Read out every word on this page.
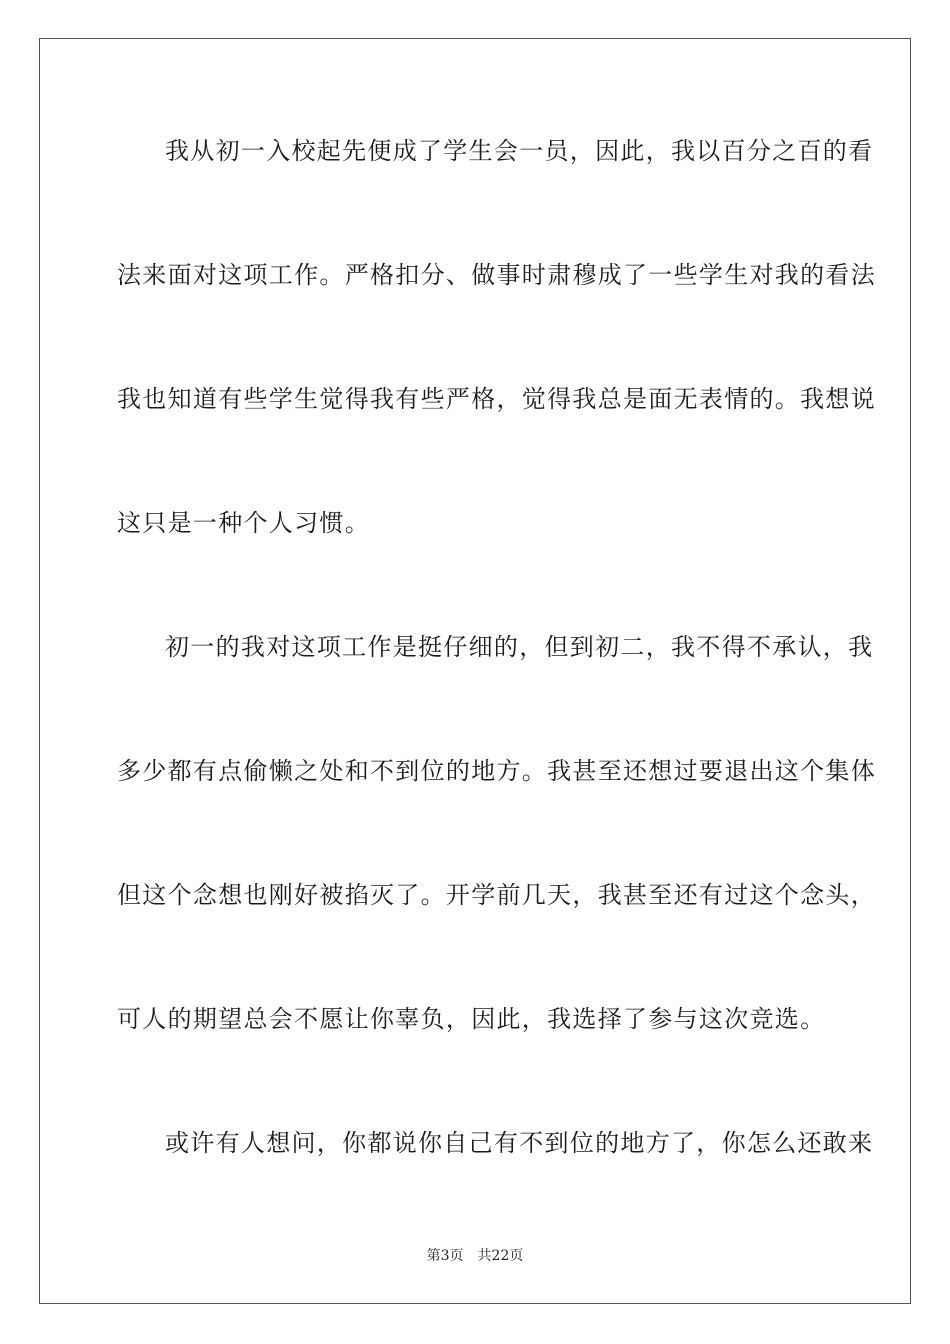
我从初一入校起先便成了学生会一员，因此，我以百分之百的看
法来面对这项工作。严格扣分、做事时肃穆成了一些学生对我的看法
我也知道有些学生觉得我有些严格，觉得我总是面无表情的。我想说
这只是一种个人习惯。
初一的我对这项工作是挺仔细的，但到初二，我不得不承认，我
多少都有点偷懒之处和不到位的地方。我甚至还想过要退出这个集体
但这个念想也刚好被掐灭了。开学前几天，我甚至还有过这个念头，
可人的期望总会不愿让你辜负，因此，我选择了参与这次竞选。
或许有人想问，你都说你自己有不到位的地方了，你怎么还敢来
第3页 共22页
